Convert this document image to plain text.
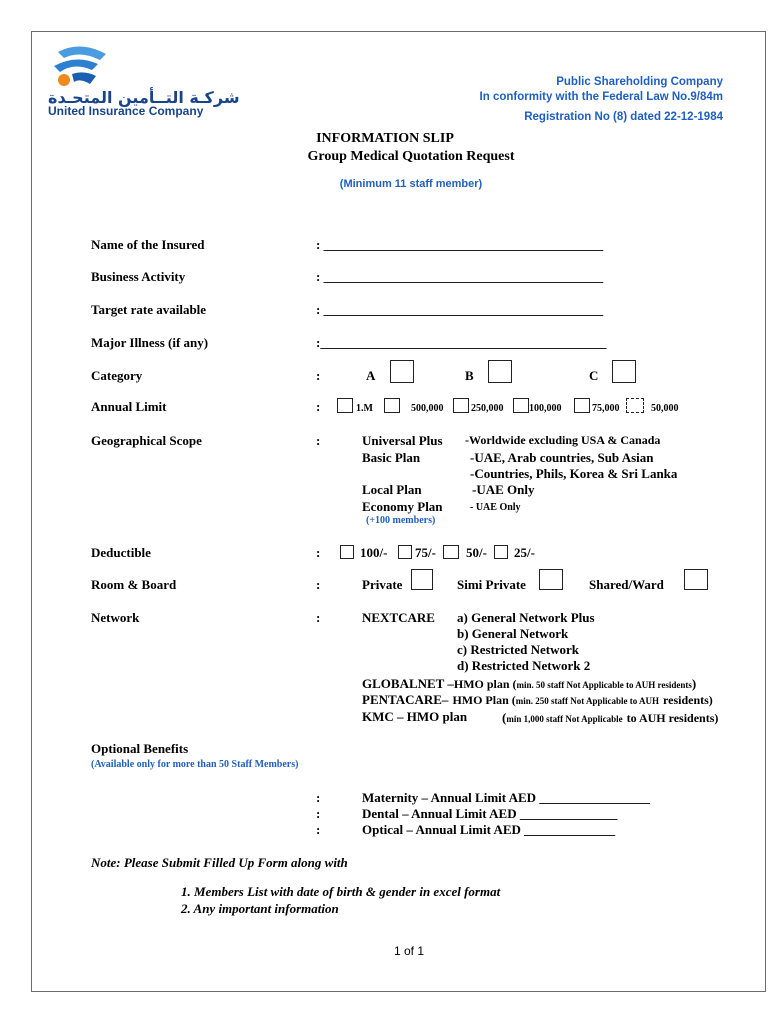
شركـة التــأمين المتحـدة
United Insurance Company
Public Shareholding Company
In conformity with the Federal Law No.9/84m
Registration No (8) dated 22-12-1984
INFORMATION SLIP
Group Medical Quotation Request
(Minimum 11 staff member)
Name of the Insured	: ___________________________________________
Business Activity	: ___________________________________________
Target rate available	: ___________________________________________
Major Illness (if any)	:____________________________________________
Category	:	A	B	C
Annual Limit	:	1.M	500,000	250,000	100,000	75,000	50,000
Geographical Scope	:	Universal Plus -Worldwide excluding USA & Canada
Basic Plan	-UAE, Arab countries, Sub Asian
-Countries, Phils, Korea & Sri Lanka
Local Plan	-UAE Only
Economy Plan	- UAE Only
(+100 members)
Deductible	:	100/- 75/- 50/- 25/-
Room & Board	:	Private	Simi Private	Shared/Ward
Network	:	NEXTCARE a) General Network Plus
b) General Network
c) Restricted Network
d) Restricted Network 2
GLOBALNET –HMO plan (min. 50 staff Not Applicable to AUH residents)
PENTACARE– HMO Plan (min. 250 staff Not Applicable to AUH residents)
KMC – HMO plan	(min 1,000 staff Not Applicable to AUH residents)
Optional Benefits
(Available only for more than 50 Staff Members)
:	Maternity – Annual Limit AED _________________
:	Dental – Annual Limit AED _______________
:	Optical – Annual Limit AED ______________
Note: Please Submit Filled Up Form along with
1. Members List with date of birth & gender in excel format
2. Any important information
1 of 1
